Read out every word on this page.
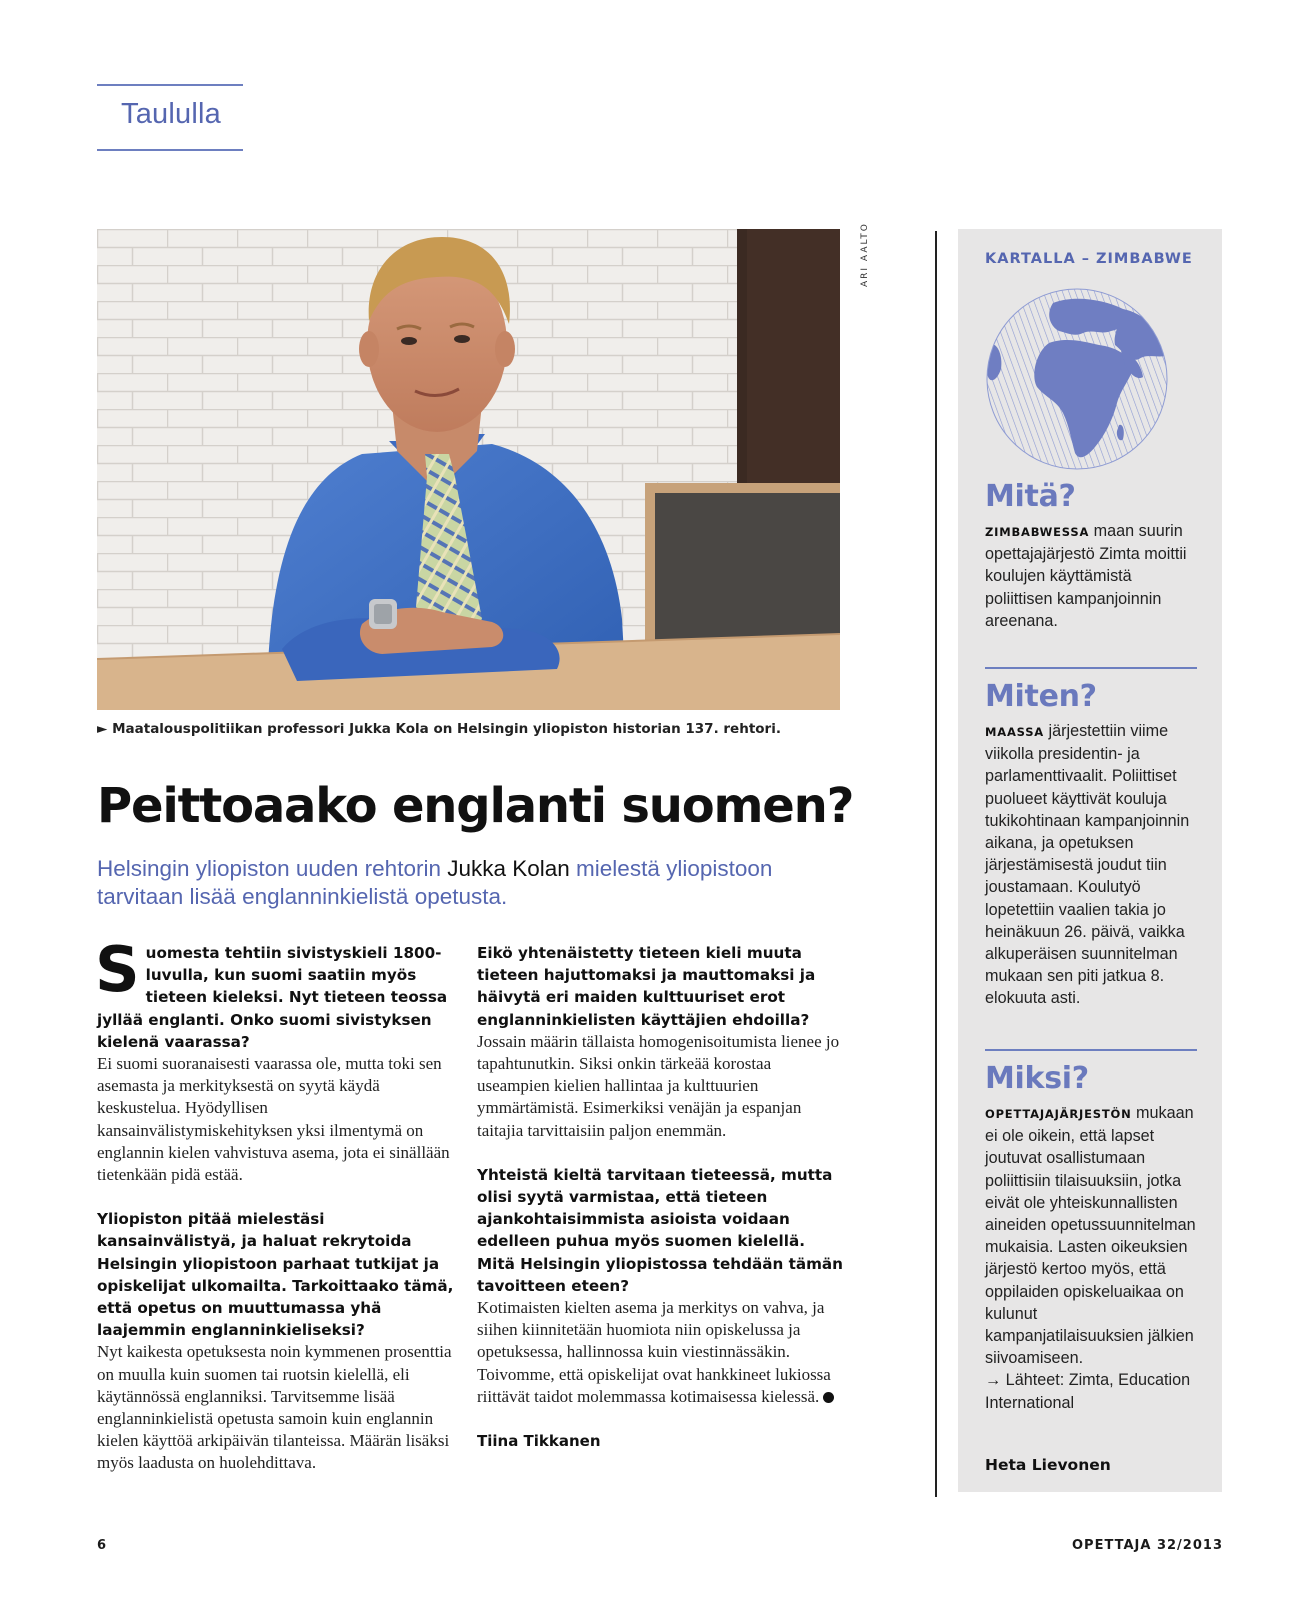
Taululla
ARI AALTO
► Maatalouspolitiikan professori Jukka Kola on Helsingin yliopiston historian 137. rehtori.
Peittoaako englanti suomen?

Helsingin yliopiston uuden rehtorin Jukka Kolan mielestä yliopistoon tarvitaan lisää englanninkielistä opetusta.

Suomesta tehtiin sivistyskieli 1800-luvulla, kun suomi saatiin myös tieteen kieleksi. Nyt tieteen teossa jyllää englanti. Onko suomi sivistyksen kielenä vaarassa?
Ei suomi suoranaisesti vaarassa ole, mutta toki sen asemasta ja merkityksestä on syytä käydä keskustelua. Hyödyllisen kansainvälistymiskehityksen yksi ilmentymä on englannin kielen vahvistuva asema, jota ei sinällään tietenkään pidä estää.
Yliopiston pitää mielestäsi kansainvälistyä, ja haluat rekrytoida Helsingin yliopistoon parhaat tutkijat ja opiskelijat ulkomailta. Tarkoittaako tämä, että opetus on muuttumassa yhä laajemmin englanninkieliseksi?
Nyt kaikesta opetuksesta noin kymmenen prosenttia on muulla kuin suomen tai ruotsin kielellä, eli käytännössä englanniksi. Tarvitsemme lisää englanninkielistä opetusta samoin kuin englannin kielen käyttöä arkipäivän tilanteissa. Määrän lisäksi myös laadusta on huolehdittava.
Eikö yhtenäistetty tieteen kieli muuta tieteen hajuttomaksi ja mauttomaksi ja häivytä eri maiden kulttuuriset erot englanninkielisten käyttäjien ehdoilla?
Jossain määrin tällaista homogenisoitumista lienee jo tapahtunutkin. Siksi onkin tärkeää korostaa useampien kielien hallintaa ja kulttuurien ymmärtämistä. Esimerkiksi venäjän ja espanjan taitajia tarvittaisiin paljon enemmän.
Yhteistä kieltä tarvitaan tieteessä, mutta olisi syytä varmistaa, että tieteen ajankohtaisimmista asioista voidaan edelleen puhua myös suomen kielellä. Mitä Helsingin yliopistossa tehdään tämän tavoitteen eteen?
Kotimaisten kielten asema ja merkitys on vahva, ja siihen kiinnitetään huomiota niin opiskelussa ja opetuksessa, hallinnossa kuin viestinnässäkin. Toivomme, että opiskelijat ovat hankkineet lukiossa riittävät taidot molemmassa kotimaisessa kielessä.
Tiina Tikkanen
KARTALLA – ZIMBABWE
Mitä?
ZIMBABWESSA maan suurin opettajajärjestö Zimta moittii koulujen käyttämistä poliittisen kampanjoinnin areenana.
Miten?
MAASSA järjestettiin viime viikolla presidentin- ja parlamenttivaalit. Poliittiset puolueet käyttivät kouluja tukikohtinaan kampanjoinnin aikana, ja opetuksen järjestämisestä joudut tiin joustamaan. Koulutyö lopetettiin vaalien takia jo heinäkuun 26. päivä, vaikka alkuperäisen suunnitelman mukaan sen piti jatkua 8. elokuuta asti.
Miksi?
OPETTAJAJÄRJESTÖN mukaan ei ole oikein, että lapset joutuvat osallistumaan poliittisiin tilaisuuksiin, jotka eivät ole yhteiskunnallisten aineiden opetussuunnitelman mukaisia. Lasten oikeuksien järjestö kertoo myös, että oppilaiden opiskeluaikaa on kulunut kampanjatilaisuuksien jälkien siivoamiseen.
→ Lähteet: Zimta, Education International
Heta Lievonen
6	OPETTAJA 32/2013
